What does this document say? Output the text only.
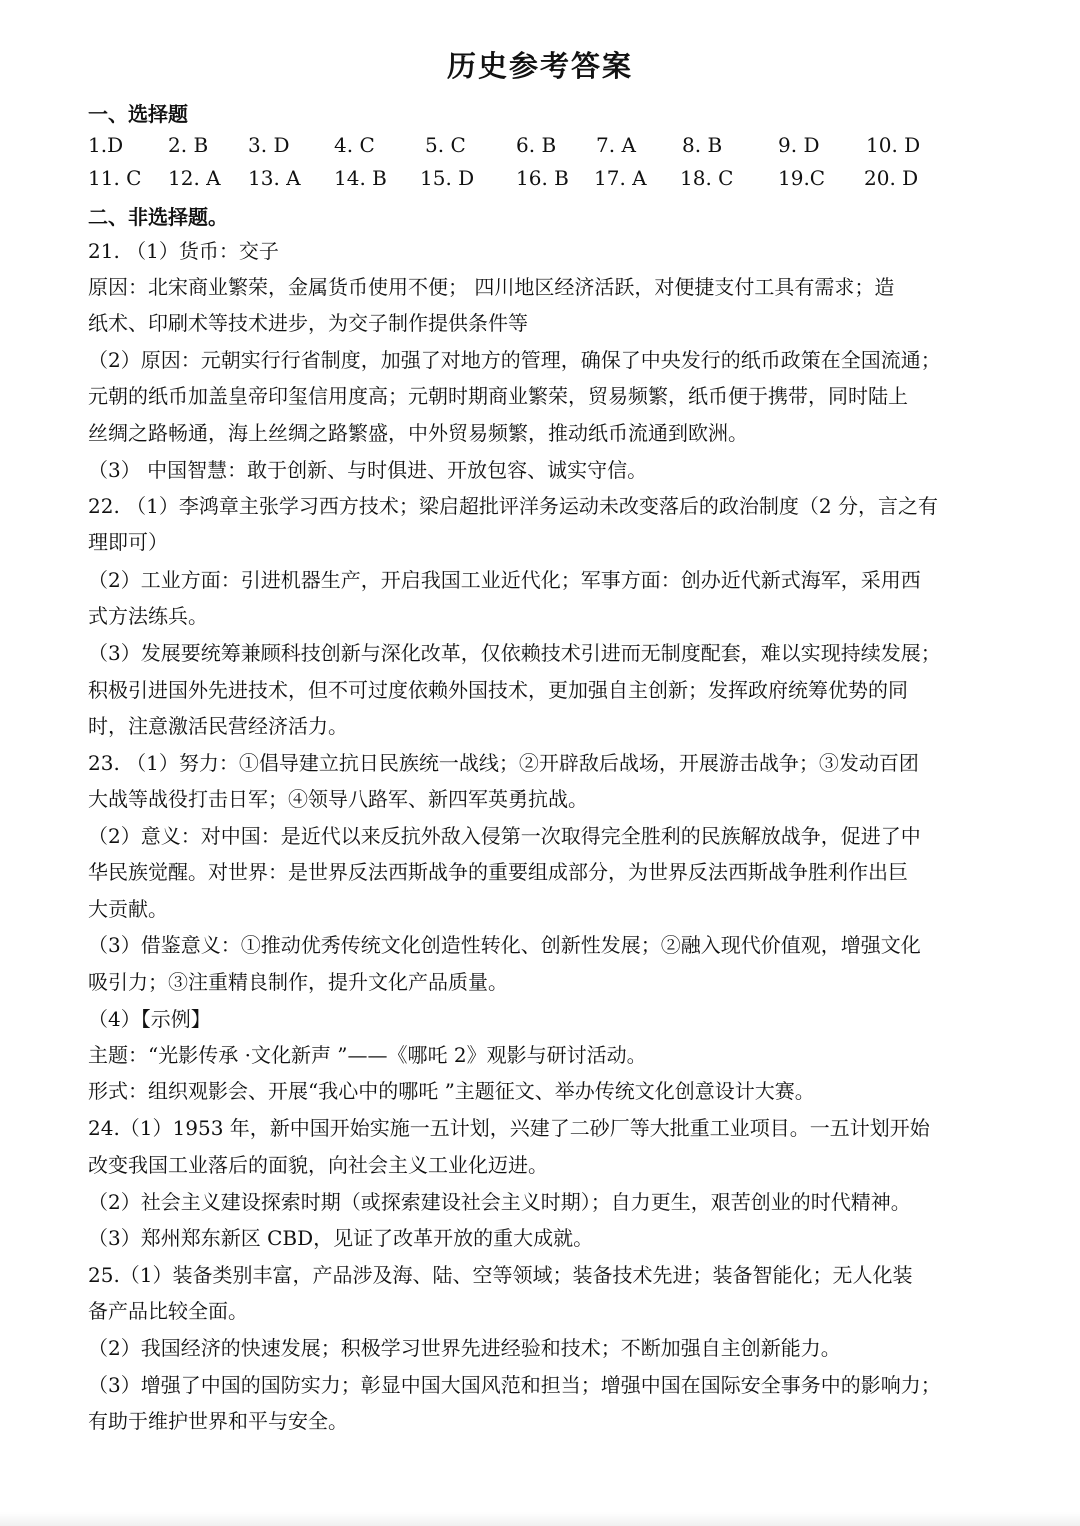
历史参考答案
一、选择题
1.D 2. B 3. D 4. C	5. C	6. B 7. A 8. B	9. D 10. D
11. C 12. A 13. A 14. B 15. D 16. B 17. A 18. C 19.C 20. D
二、非选择题。
21. （1）货币：交子
原因：北宋商业繁荣，金属货币使用不便； 四川地区经济活跃，对便捷支付工具有需求；造
纸术、印刷术等技术进步，为交子制作提供条件等
（2）原因：元朝实行行省制度，加强了对地方的管理，确保了中央发行的纸币政策在全国流通；
元朝的纸币加盖皇帝印玺信用度高；元朝时期商业繁荣，贸易频繁，纸币便于携带，同时陆上
丝绸之路畅通，海上丝绸之路繁盛，中外贸易频繁，推动纸币流通到欧洲。
（3） 中国智慧：敢于创新、与时俱进、开放包容、诚实守信。
22. （1）李鸿章主张学习西方技术；梁启超批评洋务运动未改变落后的政治制度（2 分，言之有
理即可）
（2）工业方面：引进机器生产，开启我国工业近代化；军事方面：创办近代新式海军，采用西
式方法练兵。
（3）发展要统筹兼顾科技创新与深化改革，仅依赖技术引进而无制度配套，难以实现持续发展；
积极引进国外先进技术，但不可过度依赖外国技术，更加强自主创新；发挥政府统筹优势的同
时，注意激活民营经济活力。
23. （1）努力：①倡导建立抗日民族统一战线；②开辟敌后战场，开展游击战争；③发动百团
大战等战役打击日军；④领导八路军、新四军英勇抗战。
（2）意义：对中国：是近代以来反抗外敌入侵第一次取得完全胜利的民族解放战争，促进了中
华民族觉醒。对世界：是世界反法西斯战争的重要组成部分，为世界反法西斯战争胜利作出巨
大贡献。
（3）借鉴意义：①推动优秀传统文化创造性转化、创新性发展；②融入现代价值观，增强文化
吸引力；③注重精良制作，提升文化产品质量。
（4）【示例】
主题：“光影传承 ·文化新声 ”——《哪吒 2》观影与研讨活动。
形式：组织观影会、开展“我心中的哪吒 ”主题征文、举办传统文化创意设计大赛。
24.（1）1953 年，新中国开始实施一五计划，兴建了二砂厂等大批重工业项目。一五计划开始
改变我国工业落后的面貌，向社会主义工业化迈进。
（2）社会主义建设探索时期（或探索建设社会主义时期）；自力更生，艰苦创业的时代精神。
（3）郑州郑东新区 CBD，见证了改革开放的重大成就。
25.（1）装备类别丰富，产品涉及海、陆、空等领域；装备技术先进；装备智能化；无人化装
备产品比较全面。
（2）我国经济的快速发展；积极学习世界先进经验和技术；不断加强自主创新能力。
（3）增强了中国的国防实力；彰显中国大国风范和担当；增强中国在国际安全事务中的影响力；
有助于维护世界和平与安全。
